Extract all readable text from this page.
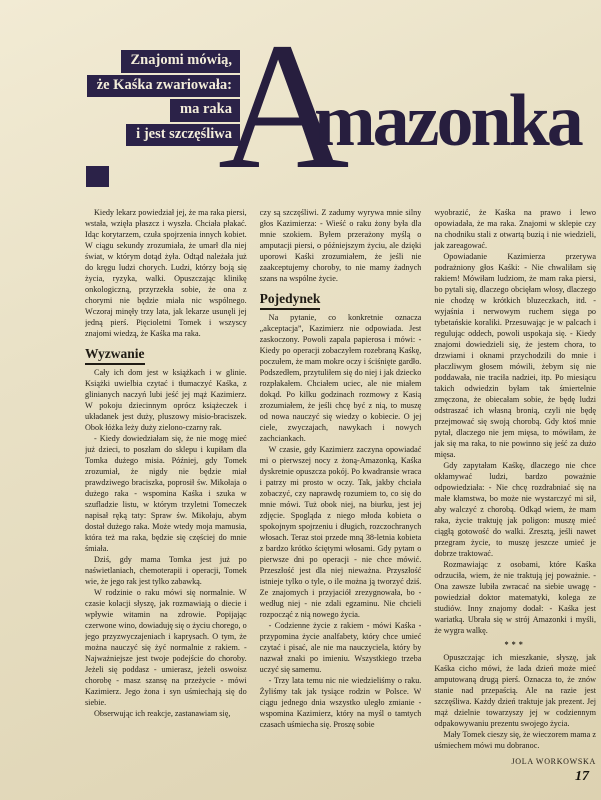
Znajomi mówią,
że Kaśka zwariowała:
ma raka
i jest szczęśliwa
A
mazonka

Kiedy lekarz powiedział jej, że ma raka piersi, wstała, wzięła płaszcz i wyszła. Chciała płakać. Idąc korytarzem, czuła spojrzenia innych kobiet. W ciągu sekundy zrozumiała, że umarł dla niej świat, w którym dotąd żyła. Odtąd należała już do kręgu ludzi chorych. Ludzi, którzy boją się życia, ryzyka, walki. Opuszczając klinikę onkologiczną, przyrzekła sobie, że ona z chorymi nie będzie miała nic wspólnego. Wczoraj minęły trzy lata, jak lekarze usunęli jej jedną pierś. Pięcioletni Tomek i wszyscy znajomi wiedzą, że Kaśka ma raka.

Wyzwanie

Cały ich dom jest w książkach i w glinie. Książki uwielbia czytać i tłumaczyć Kaśka, z glinianych naczyń lubi jeść jej mąż Kazimierz. W pokoju dziecinnym oprócz książeczek i układanek jest duży, pluszowy misio-braciszek. Obok łóżka leży duży zielono-czarny rak.

- Kiedy dowiedziałam się, że nie mogę mieć już dzieci, to poszłam do sklepu i kupiłam dla Tomka dużego misia. Później, gdy Tomek zrozumiał, że nigdy nie będzie miał prawdziwego braciszka, poprosił św. Mikołaja o dużego raka - wspomina Kaśka i szuka w szufladzie listu, w którym trzyletni Tomeczek napisał ręką taty: Spraw św. Mikołaju, abym dostał dużego raka. Może wtedy moja mamusia, która też ma raka, będzie się częściej do mnie śmiała.

Dziś, gdy mama Tomka jest już po naświetlaniach, chemoterapii i operacji, Tomek wie, że jego rak jest tylko zabawką.

W rodzinie o raku mówi się normalnie. W czasie kolacji słyszę, jak rozmawiają o diecie i wpływie witamin na zdrowie. Popijając czerwone wino, dowiaduję się o życiu chorego, o jego przyzwyczajeniach i kaprysach. O tym, że można nauczyć się żyć normalnie z rakiem. - Najważniejsze jest twoje podejście do choroby. Jeżeli się poddasz - umierasz, jeżeli oswoisz chorobę - masz szansę na przeżycie - mówi Kazimierz. Jego żona i syn uśmiechają się do siebie.

Obserwując ich reakcje, zastanawiam się,

czy są szczęśliwi. Z zadumy wyrywa mnie silny głos Kazimierza: - Wieść o raku żony była dla mnie szokiem. Byłem przerażony myślą o amputacji piersi, o późniejszym życiu, ale dzięki uporowi Kaśki zrozumiałem, że jeśli nie zaakceptujemy choroby, to nie mamy żadnych szans na wspólne życie.

Pojedynek

Na pytanie, co konkretnie oznacza „akceptacja”, Kazimierz nie odpowiada. Jest zaskoczony. Powoli zapala papierosa i mówi: - Kiedy po operacji zobaczyłem rozebraną Kaśkę, poczułem, że mam mokre oczy i ściśnięte gardło. Podszedłem, przytuliłem się do niej i jak dziecko rozpłakałem. Chciałem uciec, ale nie miałem dokąd. Po kilku godzinach rozmowy z Kasią zrozumiałem, że jeśli chcę być z nią, to muszę od nowa nauczyć się wiedzy o kobiecie. O jej ciele, zwyczajach, nawykach i nowych zachciankach.

W czasie, gdy Kazimierz zaczyna opowiadać mi o pierwszej nocy z żoną-Amazonką, Kaśka dyskretnie opuszcza pokój. Po kwadransie wraca i patrzy mi prosto w oczy. Tak, jakby chciała zobaczyć, czy naprawdę rozumiem to, co się do mnie mówi. Tuż obok niej, na biurku, jest jej zdjęcie. Spogląda z niego młoda kobieta o spokojnym spojrzeniu i długich, rozczochranych włosach. Teraz stoi przede mną 38-letnia kobieta z bardzo krótko ściętymi włosami. Gdy pytam o pierwsze dni po operacji - nie chce mówić. Przeszłość jest dla niej nieważna. Przyszłość istnieje tylko o tyle, o ile można ją tworzyć dziś. Ze znajomych i przyjaciół zrezygnowała, bo - według niej - nie zdali egzaminu. Nie chcieli rozpocząć z nią nowego życia.

- Codzienne życie z rakiem - mówi Kaśka - przypomina życie analfabety, który chce umieć czytać i pisać, ale nie ma nauczyciela, który by nazwał znaki po imieniu. Wszystkiego trzeba uczyć się samemu.

- Trzy lata temu nic nie wiedzieliśmy o raku. Żyliśmy tak jak tysiące rodzin w Polsce. W ciągu jednego dnia wszystko uległo zmianie - wspomina Kazimierz, który na myśl o tamtych czasach uśmiecha się. Proszę sobie

wyobrazić, że Kaśka na prawo i lewo opowiadała, że ma raka. Znajomi w sklepie czy na chodniku stali z otwartą buzią i nie wiedzieli, jak zareagować.

Opowiadanie Kazimierza przerywa podrażniony głos Kaśki: - Nie chwaliłam się rakiem! Mówiłam ludziom, że mam raka piersi, bo pytali się, dlaczego obcięłam włosy, dlaczego nie chodzę w krótkich bluzeczkach, itd. - wyjaśnia i nerwowym ruchem sięga po tybetańskie koraliki. Przesuwając je w palcach i regulując oddech, powoli uspokaja się. - Kiedy znajomi dowiedzieli się, że jestem chora, to drzwiami i oknami przychodzili do mnie i płaczliwym głosem mówili, żebym się nie poddawała, nie traciła nadziei, itp. Po miesiącu takich odwiedzin byłam tak śmiertelnie zmęczona, że obiecałam sobie, że będę ludzi odstraszać ich własną bronią, czyli nie będę przejmować się swoją chorobą. Gdy ktoś mnie pytał, dlaczego nie jem mięsa, to mówiłam, że jak się ma raka, to nie powinno się jeść za dużo mięsa.

Gdy zapytałam Kaśkę, dlaczego nie chce okłamywać ludzi, bardzo poważnie odpowiedziała: - Nie chcę rozdrabniać się na małe kłamstwa, bo może nie wystarczyć mi sił, aby walczyć z chorobą. Odkąd wiem, że mam raka, życie traktuję jak poligon: muszę mieć ciągłą gotowość do walki. Zresztą, jeśli nawet przegram życie, to muszę jeszcze umieć je dobrze traktować.

Rozmawiając z osobami, które Kaśka odrzuciła, wiem, że nie traktują jej poważnie. - Ona zawsze lubiła zwracać na siebie uwagę - powiedział doktor matematyki, kolega ze studiów. Inny znajomy dodał: - Kaśka jest wariatką. Ubrała się w strój Amazonki i myśli, że wygra walkę.

***

Opuszczając ich mieszkanie, słyszę, jak Kaśka cicho mówi, że lada dzień może mieć amputowaną drugą pierś. Oznacza to, że znów stanie nad przepaścią. Ale na razie jest szczęśliwa. Każdy dzień traktuje jak prezent. Jej mąż dzielnie towarzyszy jej w codziennym odpakowywaniu prezentu swojego życia.

Mały Tomek cieszy się, że wieczorem mama z uśmiechem mówi mu dobranoc.

JOLA WORKOWSKA

17
